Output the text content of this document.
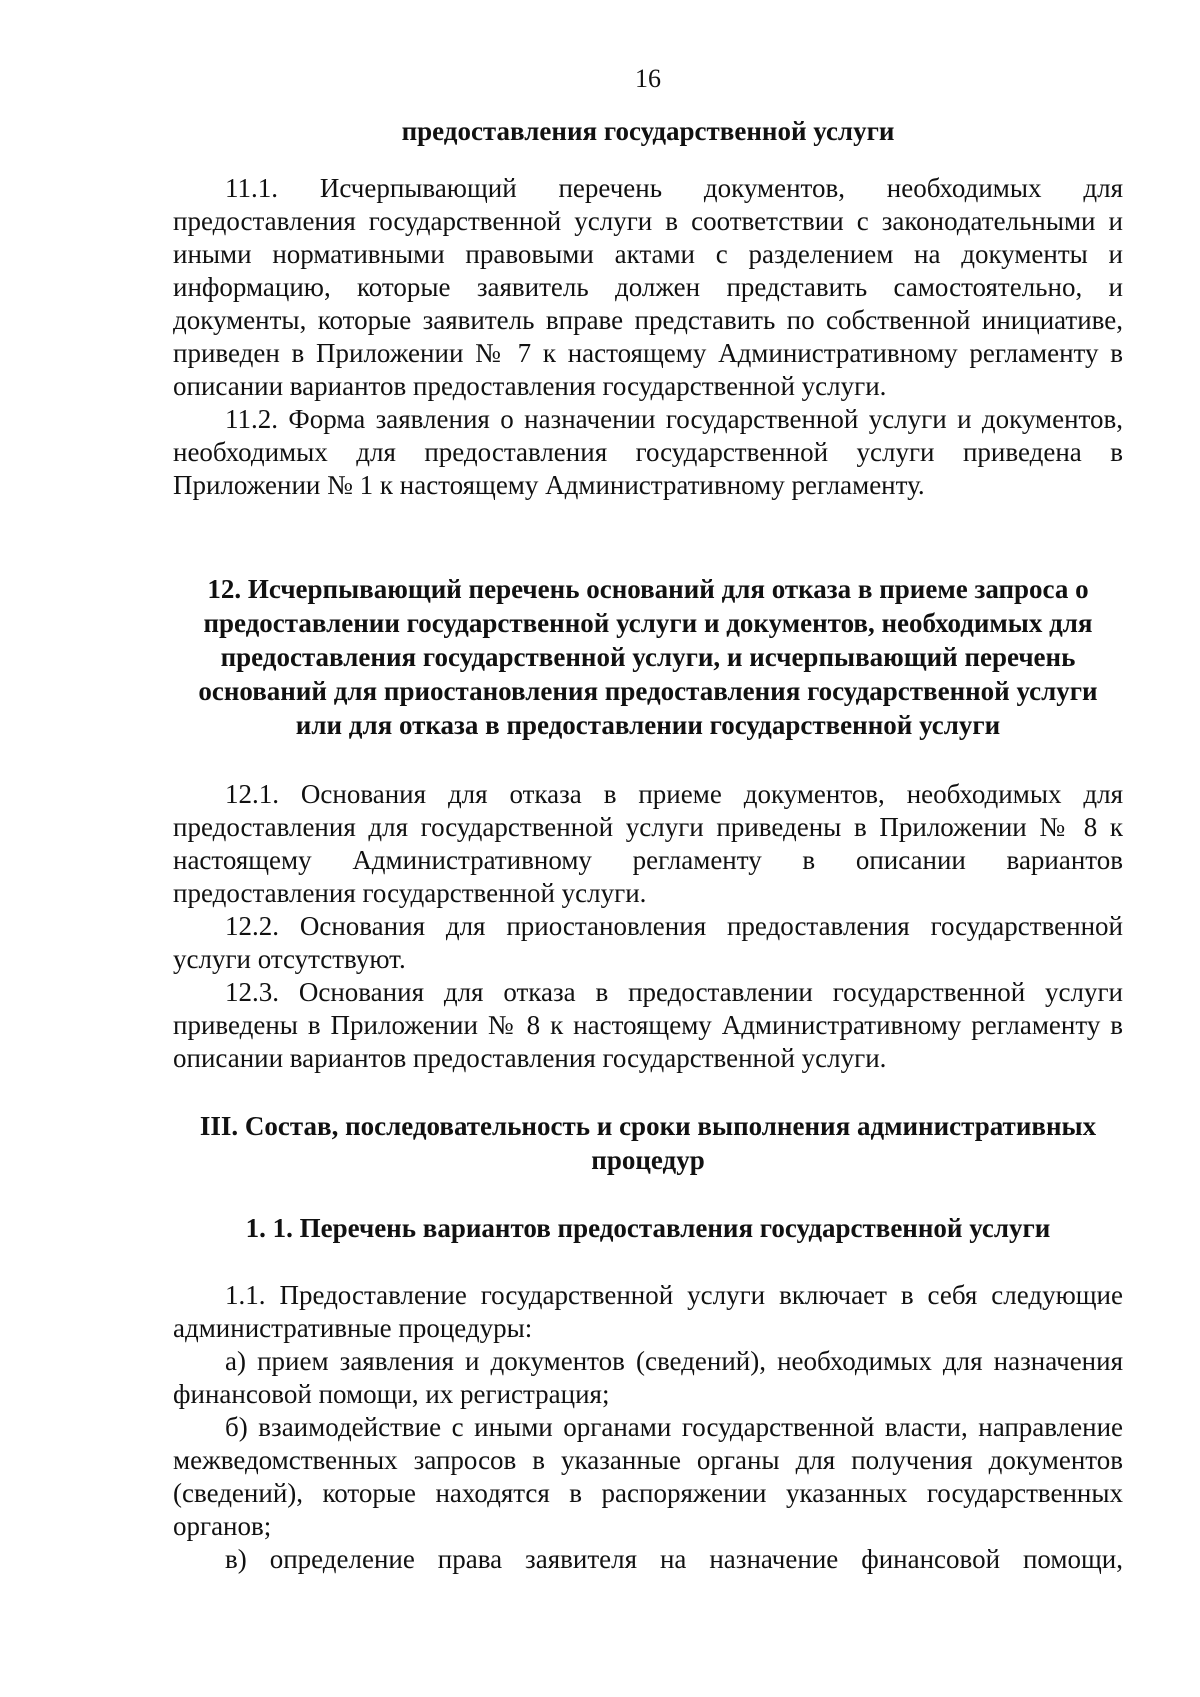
16
предоставления государственной услуги

11.1. Исчерпывающий перечень документов, необходимых для предоставления государственной услуги в соответствии с законодательными и иными нормативными правовыми актами с разделением на документы и информацию, которые заявитель должен представить самостоятельно, и документы, которые заявитель вправе представить по собственной инициативе, приведен в Приложении № 7 к настоящему Административному регламенту в описании вариантов предоставления государственной услуги.

11.2. Форма заявления о назначении государственной услуги и документов, необходимых для предоставления государственной услуги приведена в Приложении № 1 к настоящему Административному регламенту.

12. Исчерпывающий перечень оснований для отказа в приеме запроса о предоставлении государственной услуги и документов, необходимых для предоставления государственной услуги, и исчерпывающий перечень оснований для приостановления предоставления государственной услуги или для отказа в предоставлении государственной услуги

12.1. Основания для отказа в приеме документов, необходимых для предоставления для государственной услуги приведены в Приложении № 8 к настоящему Административному регламенту в описании вариантов предоставления государственной услуги.

12.2. Основания для приостановления предоставления государственной услуги отсутствуют.

12.3. Основания для отказа в предоставлении государственной услуги приведены в Приложении № 8 к настоящему Административному регламенту в описании вариантов предоставления государственной услуги.

III. Состав, последовательность и сроки выполнения административных процедур
1. 1. Перечень вариантов предоставления государственной услуги

1.1. Предоставление государственной услуги включает в себя следующие административные процедуры:

а) прием заявления и документов (сведений), необходимых для назначения финансовой помощи, их регистрация;

б) взаимодействие с иными органами государственной власти, направление межведомственных запросов в указанные органы для получения документов (сведений), которые находятся в распоряжении указанных государственных органов;

в) определение права заявителя на назначение финансовой помощи,
